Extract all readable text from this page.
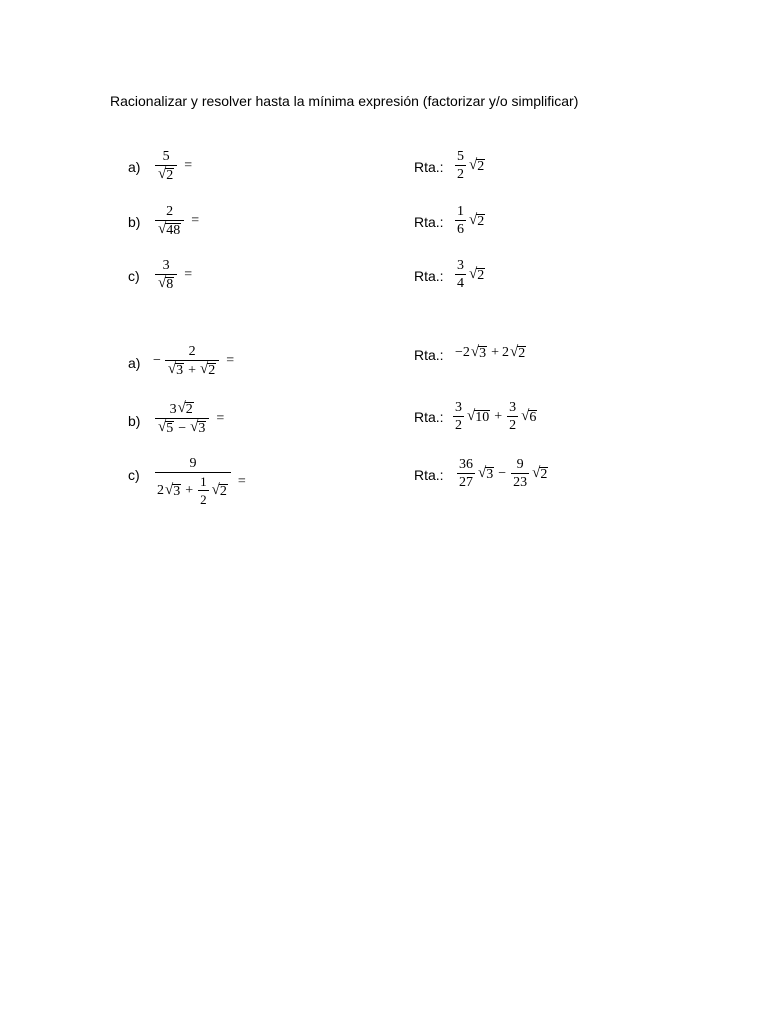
Racionalizar y resolver hasta la mínima expresión (factorizar y/o simplificar)
$a) \frac{5}{√ 2}$ =	Rta.: $\frac{5}{2}$ √ 2
$b) \frac{2}{√ 48}$ =	Rta.: $\frac{1}{6}$ √ 2
$c) \frac{3}{√ 8}$ =	Rta.: $\frac{3}{4}$ √ 2
$a) - \frac{2}{√ 3 + √ 2}$ =	Rta.: −2 √ 3 + 2 √ 2
$b) \frac{3 √ 2}{√ 5 - √ 3}$ =	Rta.: $\frac{3}{2}$ √ $10 + \frac{3}{2}$ √ 6
$c) \frac{9}{2 √ 3 + \frac{1}{2} √ 2}$ =	Rta.: $\frac{36}{27}$ √ $3 - \frac{9}{23}$ √ 2
